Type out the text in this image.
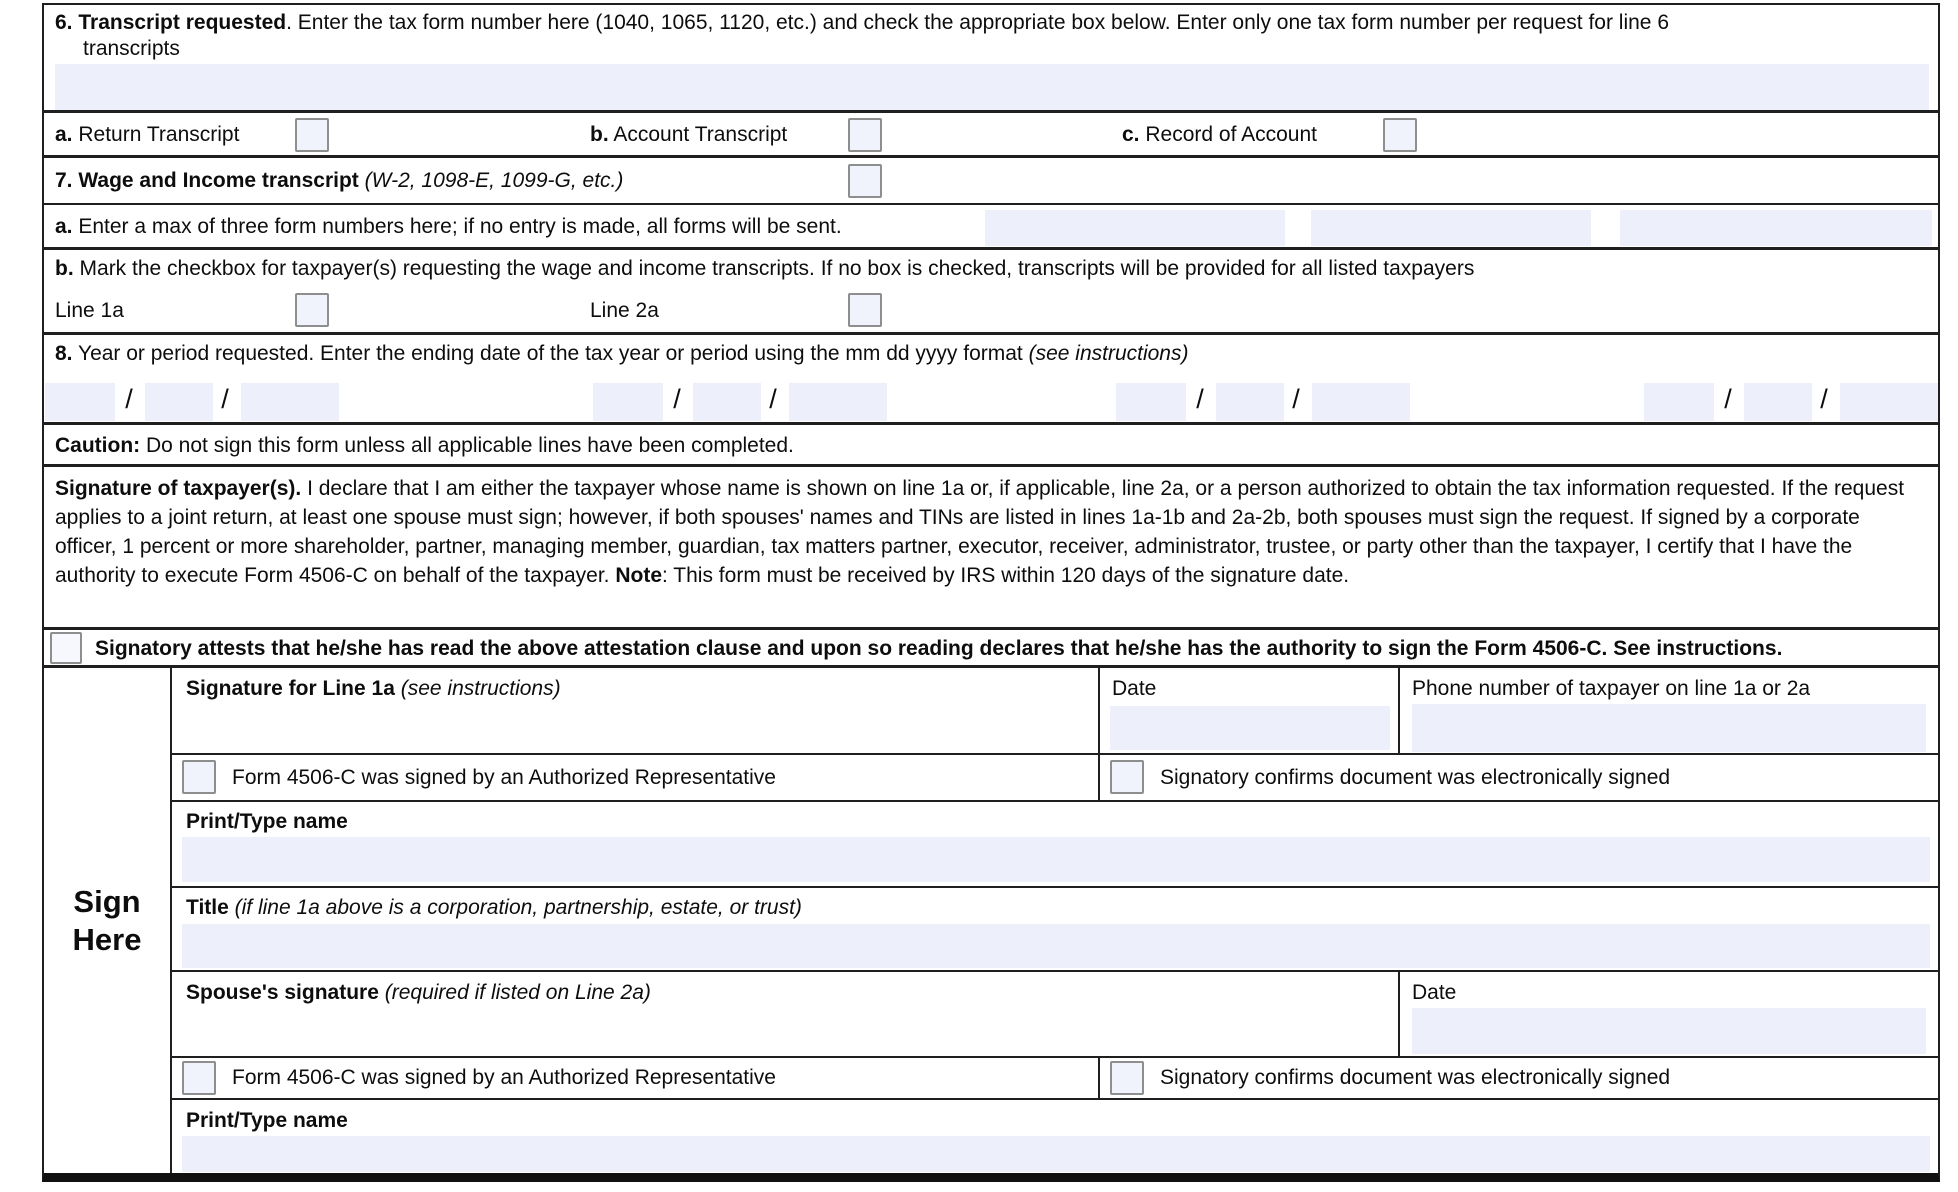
6. Transcript requested. Enter the tax form number here (1040, 1065, 1120, etc.) and check the appropriate box below. Enter only one tax form number per request for line 6
transcripts
a. Return Transcript	b. Account Transcript	c. Record of Account
7. Wage and Income transcript (W-2, 1098-E, 1099-G, etc.)
a. Enter a max of three form numbers here; if no entry is made, all forms will be sent.
b. Mark the checkbox for taxpayer(s) requesting the wage and income transcripts. If no box is checked, transcripts will be provided for all listed taxpayers
Line 1a	Line 2a
8. Year or period requested. Enter the ending date of the tax year or period using the mm dd yyyy format (see instructions)
/	/	/	/	/	/	/	/
Caution: Do not sign this form unless all applicable lines have been completed.
Signature of taxpayer(s). I declare that I am either the taxpayer whose name is shown on line 1a or, if applicable, line 2a, or a person authorized to obtain the tax information requested. If the request applies to a joint return, at least one spouse must sign; however, if both spouses' names and TINs are listed in lines 1a-1b and 2a-2b, both spouses must sign the request. If signed by a corporate officer, 1 percent or more shareholder, partner, managing member, guardian, tax matters partner, executor, receiver, administrator, trustee, or party other than the taxpayer, I certify that I have the authority to execute Form 4506-C on behalf of the taxpayer. Note: This form must be received by IRS within 120 days of the signature date.
Signatory attests that he/she has read the above attestation clause and upon so reading declares that he/she has the authority to sign the Form 4506-C. See instructions.
Sign
Here
Signature for Line 1a (see instructions)	Date	Phone number of taxpayer on line 1a or 2a
Form 4506-C was signed by an Authorized Representative	Signatory confirms document was electronically signed
Print/Type name
Title (if line 1a above is a corporation, partnership, estate, or trust)
Spouse's signature (required if listed on Line 2a)	Date
Form 4506-C was signed by an Authorized Representative	Signatory confirms document was electronically signed
Print/Type name
